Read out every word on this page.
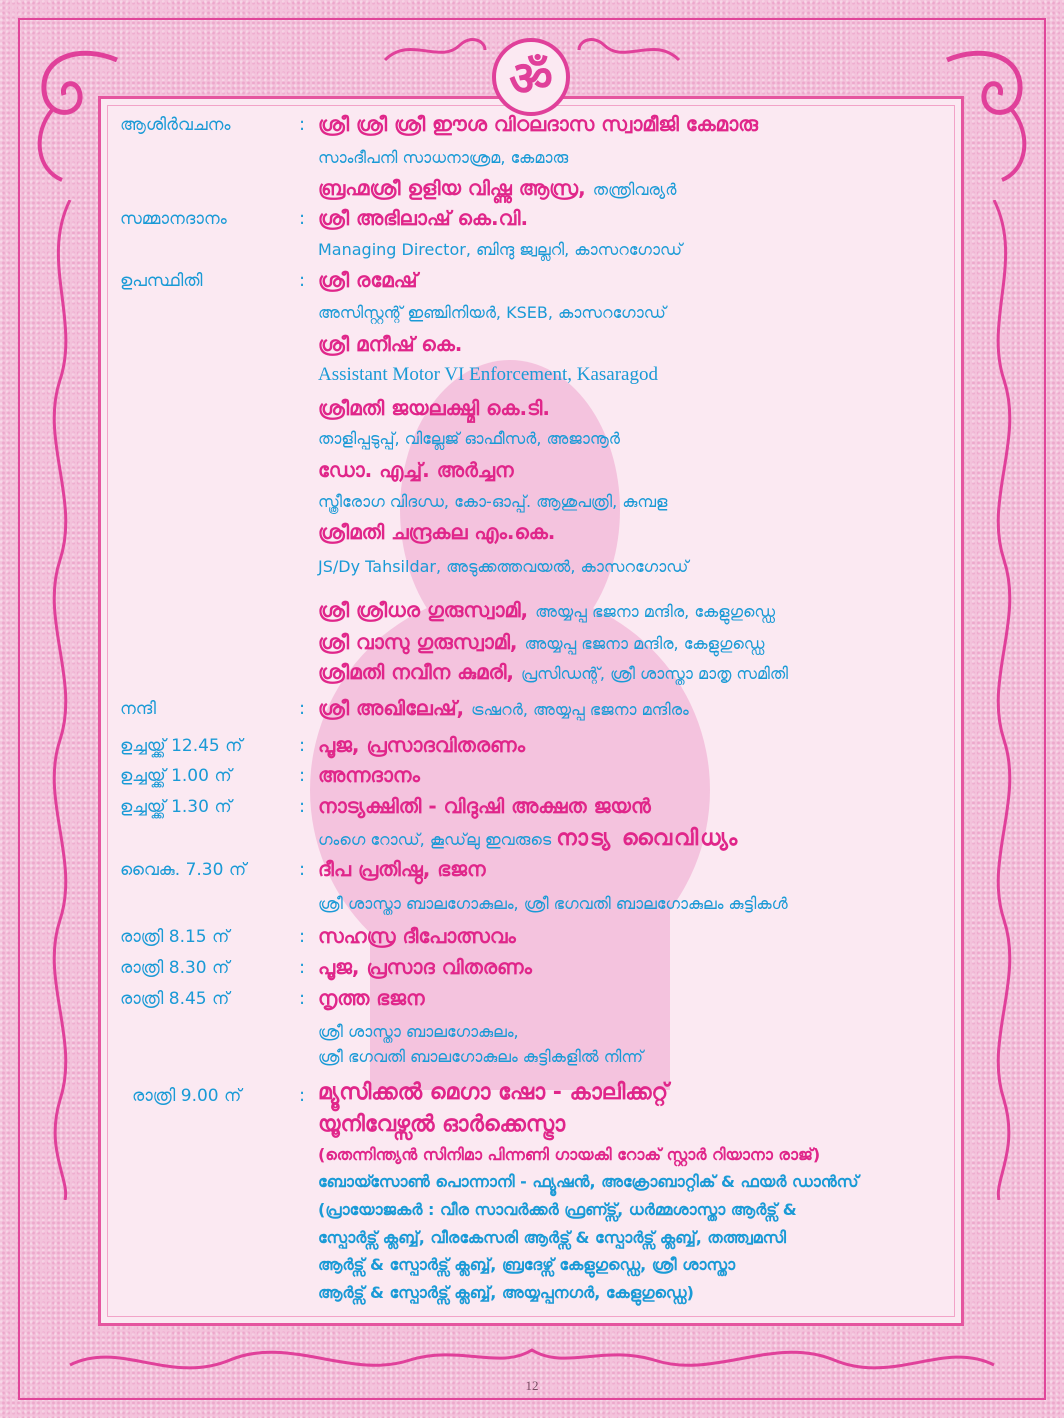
ॐ
ആശിർവചനം	: ശ്രീ ശ്രീ ശ്രീ ഈശ വിഠലദാസ സ്വാമീജി കേമാരു
സാംദീപനി സാധനാശ്രമ, കേമാരു
ബ്രഹ്മശ്രീ ഉളിയ വിഷ്ണു ആസ്ര, തന്ത്രിവര്യർ
സമ്മാനദാനം	: ശ്രീ അഭിലാഷ് കെ.വി.
Managing Director, ബിന്ദു ജ്വല്ലറി, കാസറഗോഡ്
ഉപസ്ഥിതി	: ശ്രീ രമേഷ്
അസിസ്റ്റന്റ് ഇഞ്ചിനിയർ, KSEB, കാസറഗോഡ്
ശ്രീ മനീഷ് കെ.
Assistant Motor VI Enforcement, Kasaragod
ശ്രീമതി ജയലക്ഷ്മി കെ.ടി.
താളിപ്പടുപ്പ്, വില്ലേജ് ഓഫീസർ, അജാനൂർ
ഡോ. എച്ച്. അർച്ചന
സ്ത്രീരോഗ വിദഗ്ധ, കോ-ഓപ്പ്. ആശുപത്രി, കുമ്പള
ശ്രീമതി ചന്ദ്രകല എം.കെ.
JS/Dy Tahsildar, അടുക്കത്തവയൽ, കാസറഗോഡ്
ശ്രീ ശ്രീധര ഗുരുസ്വാമി, അയ്യപ്പ ഭജനാ മന്ദിര, കേളുഗുഡ്ഡെ
ശ്രീ വാസു ഗുരുസ്വാമി, അയ്യപ്പ ഭജനാ മന്ദിര, കേളുഗുഡ്ഡെ
ശ്രീമതി നവീന കുമരി, പ്രസിഡന്റ്, ശ്രീ ശാസ്താ മാതൃ സമിതി
നന്ദി	: ശ്രീ അഖിലേഷ്, ട്രഷറർ, അയ്യപ്പ ഭജനാ മന്ദിരം
ഉച്ചയ്ക്ക് 12.45 ന്	: പൂജ, പ്രസാദവിതരണം
ഉച്ചയ്ക്ക് 1.00 ന്	: അന്നദാനം
ഉച്ചയ്ക്ക് 1.30 ന്	: നാട്യക്ഷിതി - വിദുഷി അക്ഷത ജയൻ
ഗംഗെ റോഡ്, കൂഡ്‌ലു ഇവരുടെ നാട്യ വൈവിധ്യം
വൈകു. 7.30 ന്	: ദീപ പ്രതിഷ്ഠ, ഭജന
ശ്രീ ശാസ്താ ബാലഗോകുലം, ശ്രീ ഭഗവതി ബാലഗോകുലം കുട്ടികൾ
രാത്രി 8.15 ന്	: സഹസ്ര ദീപോത്സവം
രാത്രി 8.30 ന്	: പൂജ, പ്രസാദ വിതരണം
രാത്രി 8.45 ന്	: നൃത്ത ഭജന
ശ്രീ ശാസ്താ ബാലഗോകുലം,
ശ്രീ ഭഗവതി ബാലഗോകുലം കുട്ടികളിൽ നിന്ന്
രാത്രി 9.00 ന്	: മ്യൂസിക്കൽ മെഗാ ഷോ - കാലിക്കറ്റ്
യൂനിവേഴ്സൽ ഓർക്കെസ്ട്രാ
(തെന്നിന്ത്യൻ സിനിമാ പിന്നണി ഗായകി റോക് സ്റ്റാർ റിയാനാ രാജ്)
ബോയ്സോൺ പൊന്നാനി - ഫ്യൂഷൻ, അക്രോബാറ്റിക് & ഫയർ ഡാൻസ്
(പ്രായോജകർ : വീര സാവർക്കർ ഫ്രണ്ട്സ്, ധർമ്മശാസ്താ ആർട്സ് &
സ്പോർട്സ് ക്ലബ്ബ്, വീരകേസരി ആർട്സ് & സ്പോർട്സ് ക്ലബ്ബ്, തത്ത്വമസി
ആർട്സ് & സ്പോർട്സ് ക്ലബ്ബ്, ബ്രദേഴ്സ് കേളുഗുഡ്ഡെ, ശ്രീ ശാസ്താ
ആർട്സ് & സ്പോർട്സ് ക്ലബ്ബ്, അയ്യപ്പനഗർ, കേളുഗുഡ്ഡെ)
12
